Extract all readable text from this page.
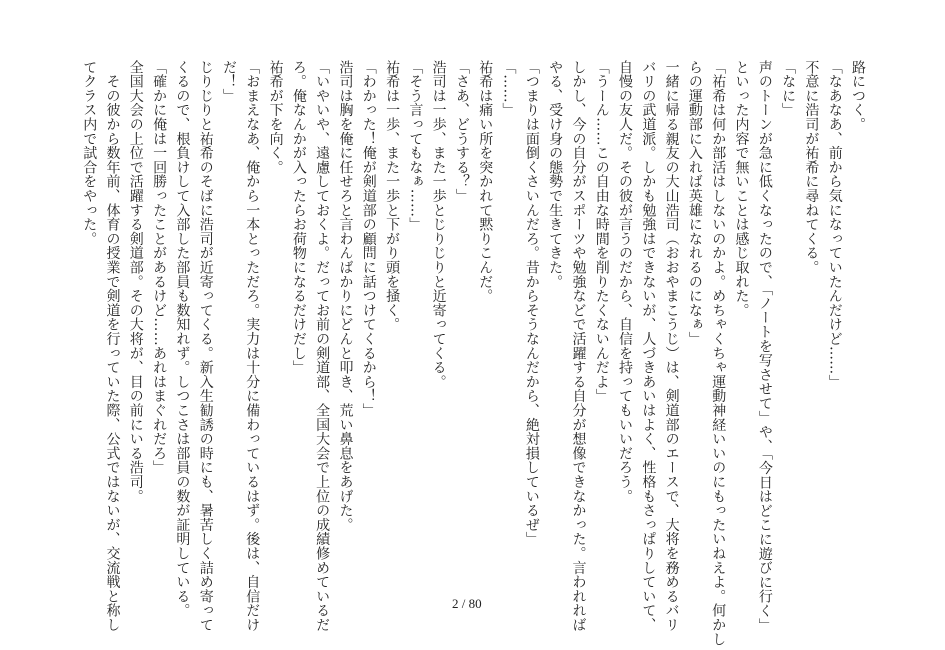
路につく。
「なあなあ、前から気になっていたんだけど……」
不意に浩司が祐希に尋ねてくる。
「なに」
声のトーンが急に低くなったので、「ノートを写させて」や、「今日はどこに遊びに行く」
といった内容で無いことは感じ取れた。
「祐希は何か部活はしないのかよ。めちゃくちゃ運動神経いいのにもったいねえよ。何かし
らの運動部に入れば英雄になれるのになぁ」
一緒に帰る親友の大山浩司（おおやまこうじ）は、剣道部のエースで、大将を務めるバリ
バリの武道派。しかも勉強はできないが、人づきあいはよく、性格もさっぱりしていて、
自慢の友人だ。その彼が言うのだから、自信を持ってもいいだろう。
「うーん……この自由な時間を削りたくないんだよ」
しかし、今の自分がスポーツや勉強などで活躍する自分が想像できなかった。言われれば
やる、受け身の態勢で生きてきた。
「つまりは面倒くさいんだろ。昔からそうなんだから、絶対損しているぜ」
「……」
祐希は痛い所を突かれて黙りこんだ。
「さあ、どうする？」
浩司は一歩、また一歩とじりじりと近寄ってくる。
「そう言ってもなぁ……」
祐希は一歩、また一歩と下がり頭を掻く。
「わかった！俺が剣道部の顧問に話つけてくるから！」
浩司は胸を俺に任せろと言わんばかりにどんと叩き、荒い鼻息をあげた。
「いやいや、遠慮しておくよ。だってお前の剣道部、全国大会で上位の成績修めているだ
ろ。俺なんかが入ったらお荷物になるだけだし」
祐希が下を向く。
「おまえなあ、俺から一本とっただろ。実力は十分に備わっているはず。後は、自信だけ
だ！」
じりじりと祐希のそばに浩司が近寄ってくる。新入生勧誘の時にも、暑苦しく詰め寄って
くるので、根負けして入部した部員も数知れず。しつこさは部員の数が証明している。
「確かに俺は一回勝ったことがあるけど……あれはまぐれだろ」
全国大会の上位で活躍する剣道部。その大将が、目の前にいる浩司。
　その彼から数年前、体育の授業で剣道を行っていた際、公式ではないが、交流戦と称し
てクラス内で試合をやった。
2 / 80
